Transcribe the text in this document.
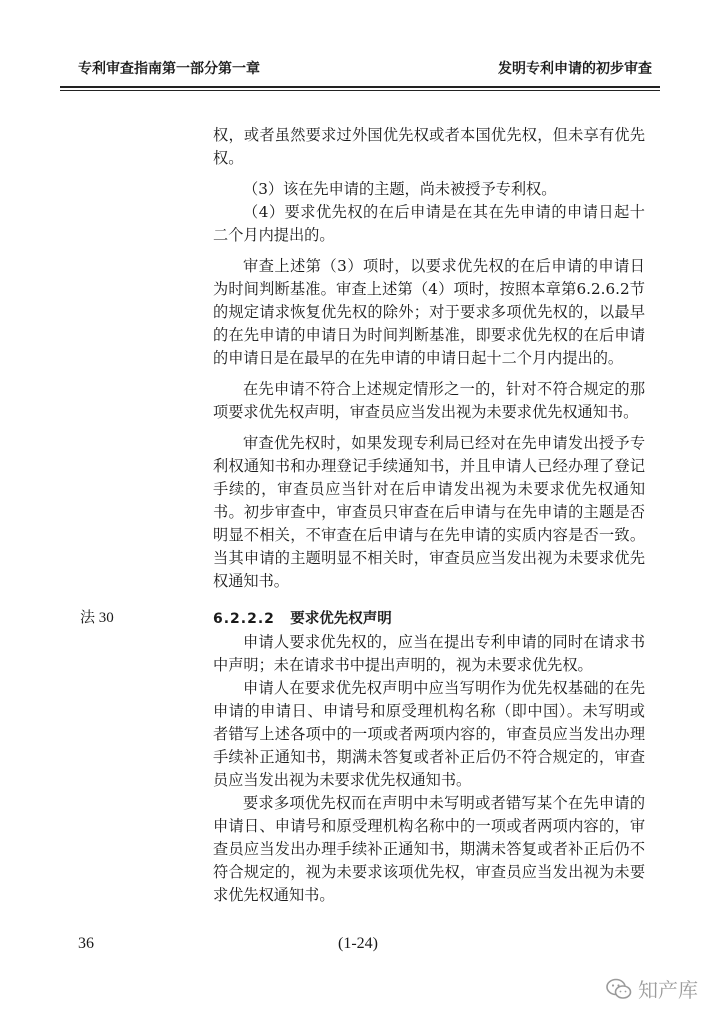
专利审查指南第一部分第一章	发明专利申请的初步审查

权，或者虽然要求过外国优先权或者本国优先权，但未享有优先权。

（3）该在先申请的主题，尚未被授予专利权。

（4）要求优先权的在后申请是在其在先申请的申请日起十二个月内提出的。

审查上述第（3）项时，以要求优先权的在后申请的申请日为时间判断基准。审查上述第（4）项时，按照本章第6.2.6.2节的规定请求恢复优先权的除外；对于要求多项优先权的，以最早的在先申请的申请日为时间判断基准，即要求优先权的在后申请的申请日是在最早的在先申请的申请日起十二个月内提出的。

在先申请不符合上述规定情形之一的，针对不符合规定的那项要求优先权声明，审查员应当发出视为未要求优先权通知书。

审查优先权时，如果发现专利局已经对在先申请发出授予专利权通知书和办理登记手续通知书，并且申请人已经办理了登记手续的，审查员应当针对在后申请发出视为未要求优先权通知书。初步审查中，审查员只审查在后申请与在先申请的主题是否明显不相关，不审查在后申请与在先申请的实质内容是否一致。当其申请的主题明显不相关时，审查员应当发出视为未要求优先权通知书。

法 30	6.2.2.2 要求优先权声明

申请人要求优先权的，应当在提出专利申请的同时在请求书中声明；未在请求书中提出声明的，视为未要求优先权。

申请人在要求优先权声明中应当写明作为优先权基础的在先申请的申请日、申请号和原受理机构名称（即中国）。未写明或者错写上述各项中的一项或者两项内容的，审查员应当发出办理手续补正通知书，期满未答复或者补正后仍不符合规定的，审查员应当发出视为未要求优先权通知书。

要求多项优先权而在声明中未写明或者错写某个在先申请的申请日、申请号和原受理机构名称中的一项或者两项内容的，审查员应当发出办理手续补正通知书，期满未答复或者补正后仍不符合规定的，视为未要求该项优先权，审查员应当发出视为未要求优先权通知书。

36	(1-24)
知产库
